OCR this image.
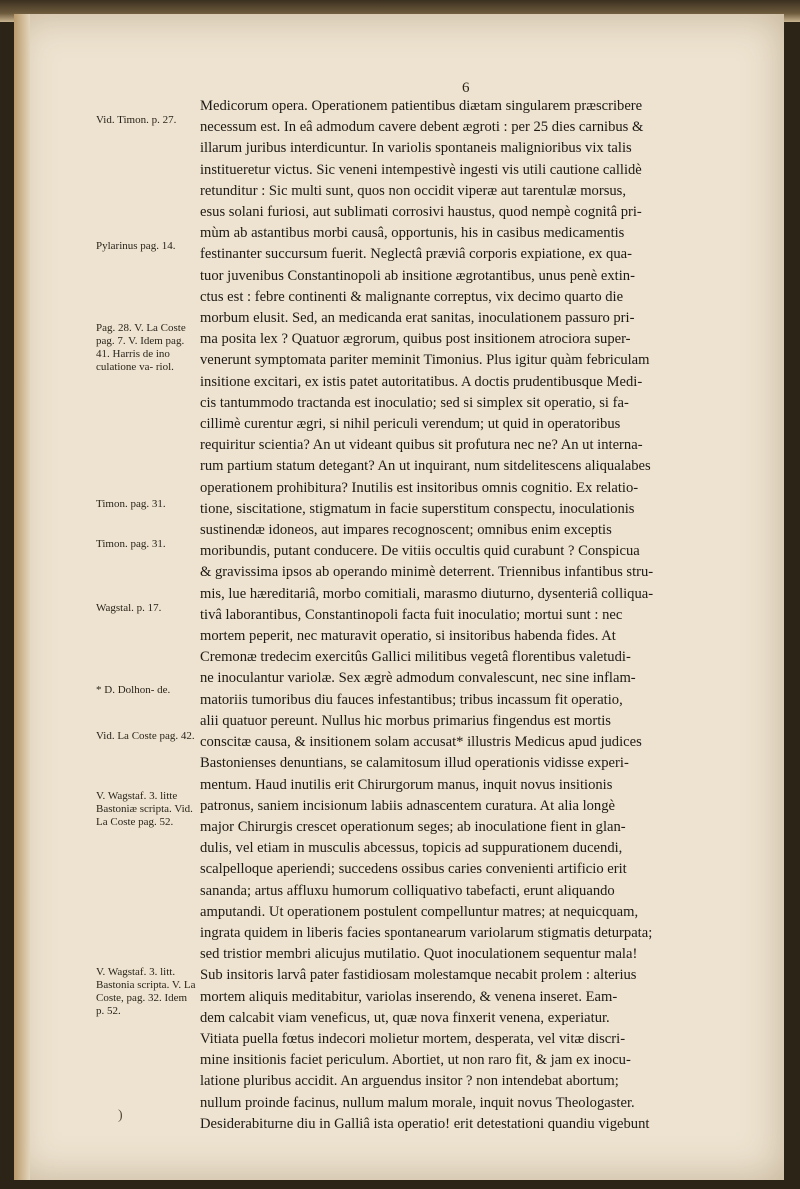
6
Vid. Timon. p. 27.
Pylarinus pag. 14.
Pag. 28. V. La Coste pag. 7. V. Idem pag. 41. Harris de ino culatione va- riol.
Timon. pag. 31.
Timon. pag. 31.
Wagstal. p. 17.
* D. Dolhon- de.
Vid. La Coste pag. 42.
V. Wagstaf. 3. litte Bastoniæ scripta. Vid. La Coste pag. 52.
V. Wagstaf. 3. litt. Bastonia scripta. V. La Coste, pag. 32. Idem p. 52.
Medicorum opera. Operationem patientibus diætam singularem præscribere
necessum est. In eâ admodum cavere debent ægroti : per 25 dies carnibus &
illarum juribus interdicuntur. In variolis spontaneis malignioribus vix talis
institueretur victus. Sic veneni intempestivè ingesti vis utili cautione callidè
retunditur : Sic multi sunt, quos non occidit viperæ aut tarentulæ morsus,
esus solani furiosi, aut sublimati corrosivi haustus, quod nempè cognitâ pri-
mùm ab astantibus morbi causâ, opportunis, his in casibus medicamentis
festinanter succursum fuerit. Neglectâ præviâ corporis expiatione, ex qua-
tuor juvenibus Constantinopoli ab insitione ægrotantibus, unus penè extin-
ctus est : febre continenti & malignante correptus, vix decimo quarto die
morbum elusit. Sed, an medicanda erat sanitas, inoculationem passuro pri-
ma posita lex ? Quatuor ægrorum, quibus post insitionem atrociora super-
venerunt symptomata pariter meminit Timonius. Plus igitur quàm febriculam
insitione excitari, ex istis patet autoritatibus. A doctis prudentibusque Medi-
cis tantummodo tractanda est inoculatio; sed si simplex sit operatio, si fa-
cillimè curentur ægri, si nihil periculi verendum; ut quid in operatoribus
requiritur scientia? An ut videant quibus sit profutura nec ne? An ut interna-
rum partium statum detegant? An ut inquirant, num sitdelitescens aliqualabes
operationem prohibitura? Inutilis est insitoribus omnis cognitio. Ex relatio-
tione, siscitatione, stigmatum in facie superstitum conspectu, inoculationis
sustinendæ idoneos, aut impares recognoscent; omnibus enim exceptis
moribundis, putant conducere. De vitiis occultis quid curabunt ? Conspicua
& gravissima ipsos ab operando minimè deterrent. Triennibus infantibus stru-
mis, lue hæreditariâ, morbo comitiali, marasmo diuturno, dysenteriâ colliqua-
tivâ laborantibus, Constantinopoli facta fuit inoculatio; mortui sunt : nec
mortem peperit, nec maturavit operatio, si insitoribus habenda fides. At
Cremonæ tredecim exercitûs Gallici militibus vegetâ florentibus valetudi-
ne inoculantur variolæ. Sex ægrè admodum convalescunt, nec sine inflam-
matoriis tumoribus diu fauces infestantibus; tribus incassum fit operatio,
alii quatuor pereunt. Nullus hic morbus primarius fingendus est mortis
conscitæ causa, & insitionem solam accusat* illustris Medicus apud judices
Bastonienses denuntians, se calamitosum illud operationis vidisse experi-
mentum. Haud inutilis erit Chirurgorum manus, inquit novus insitionis
patronus, saniem incisionum labiis adnascentem curatura. At alia longè
major Chirurgis crescet operationum seges; ab inoculatione fient in glan-
dulis, vel etiam in musculis abcessus, topicis ad suppurationem ducendi,
scalpelloque aperiendi; succedens ossibus caries convenienti artificio erit
sananda; artus affluxu humorum colliquativo tabefacti, erunt aliquando
amputandi. Ut operationem postulent compelluntur matres; at nequicquam,
ingrata quidem in liberis facies spontanearum variolarum stigmatis deturpata;
sed tristior membri alicujus mutilatio. Quot inoculationem sequentur mala!
Sub insitoris larvâ pater fastidiosam molestamque necabit prolem : alterius
mortem aliquis meditabitur, variolas inserendo, & venena inseret. Eam-
dem calcabit viam veneficus, ut, quæ nova finxerit venena, experiatur.
Vitiata puella fœtus indecori molietur mortem, desperata, vel vitæ discri-
mine insitionis faciet periculum. Abortiet, ut non raro fit, & jam ex inocu-
latione pluribus accidit. An arguendus insitor ? non intendebat abortum;
nullum proinde facinus, nullum malum morale, inquit novus Theologaster.
Desiderabiturne diu in Galliâ ista operatio! erit detestationi quandiu vigebunt
)
